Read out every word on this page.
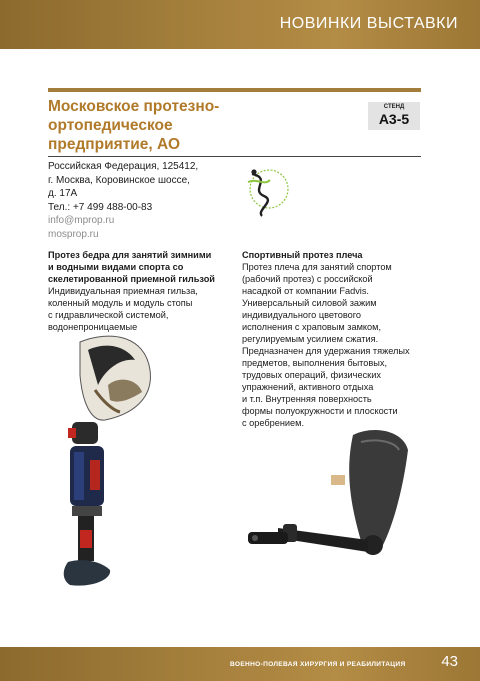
НОВИНКИ ВЫСТАВКИ
Московское протезно-
ортопедическое
предприятие, АО
СТЕНД
А3-5
Российская Федерация, 125412,
г. Москва, Коровинское шоссе,
д. 17А
Тел.: +7 499 488-00-83
info@mprop.ru
mosprop.ru
Протез бедра для занятий зимними
и водными видами спорта со
скелетированной приемной гильзой
Индивидуальная приемная гильза,
коленный модуль и модуль стопы
с гидравлической системой,
водонепроницаемые
Спортивный протез плеча
Протез плеча для занятий спортом
(рабочий протез) с российской
насадкой от компании Fadvis.
Универсальный силовой зажим
индивидуального цветового
исполнения с храповым замком,
регулируемым усилием сжатия.
Предназначен для удержания тяжелых
предметов, выполнения бытовых,
трудовых операций, физических
упражнений, активного отдыха
и т.п. Внутренняя поверхность
формы полуокружности и плоскости
с оребрением.
ВОЕННО-ПОЛЕВАЯ ХИРУРГИЯ И РЕАБИЛИТАЦИЯ 43
